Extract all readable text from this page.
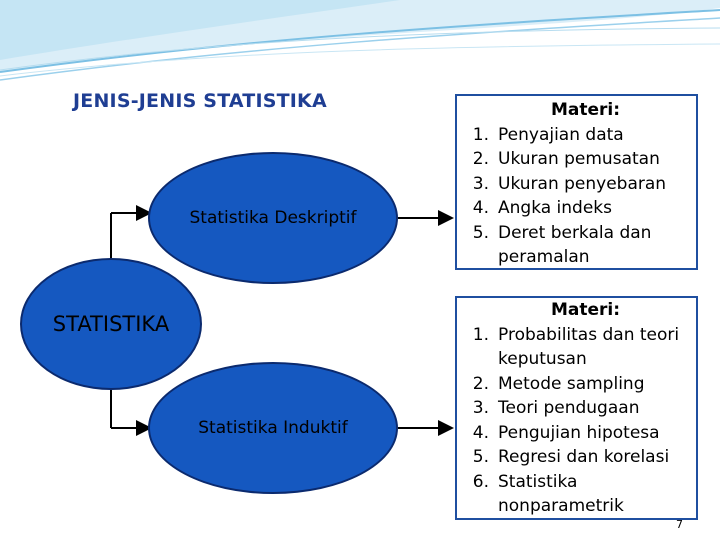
JENIS-JENIS STATISTIKA
Statistika Deskriptif
Statistika Induktif
STATISTIKA
Materi:
1. Penyajian data
2. Ukuran pemusatan
3. Ukuran penyebaran
4. Angka indeks
5. Deret berkala dan peramalan
Materi:
1. Probabilitas dan teori keputusan
2. Metode sampling
3. Teori pendugaan
4. Pengujian hipotesa
5. Regresi dan korelasi
6. Statistika nonparametrik
7
